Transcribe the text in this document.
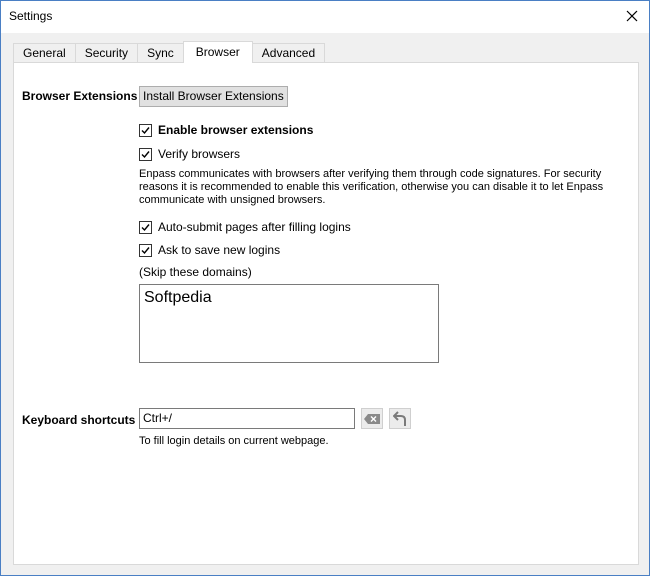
Settings
General	Security	Sync	Browser	Advanced
Browser Extensions Install Browser Extensions
Enable browser extensions
Verify browsers
Enpass communicates with browsers after verifying them through code signatures. For security reasons it is recommended to enable this verification, otherwise you can disable it to let Enpass communicate with unsigned browsers.
Auto-submit pages after filling logins
Ask to save new logins
(Skip these domains)
Softpedia
Keyboard shortcuts Ctrl+/
To fill login details on current webpage.
